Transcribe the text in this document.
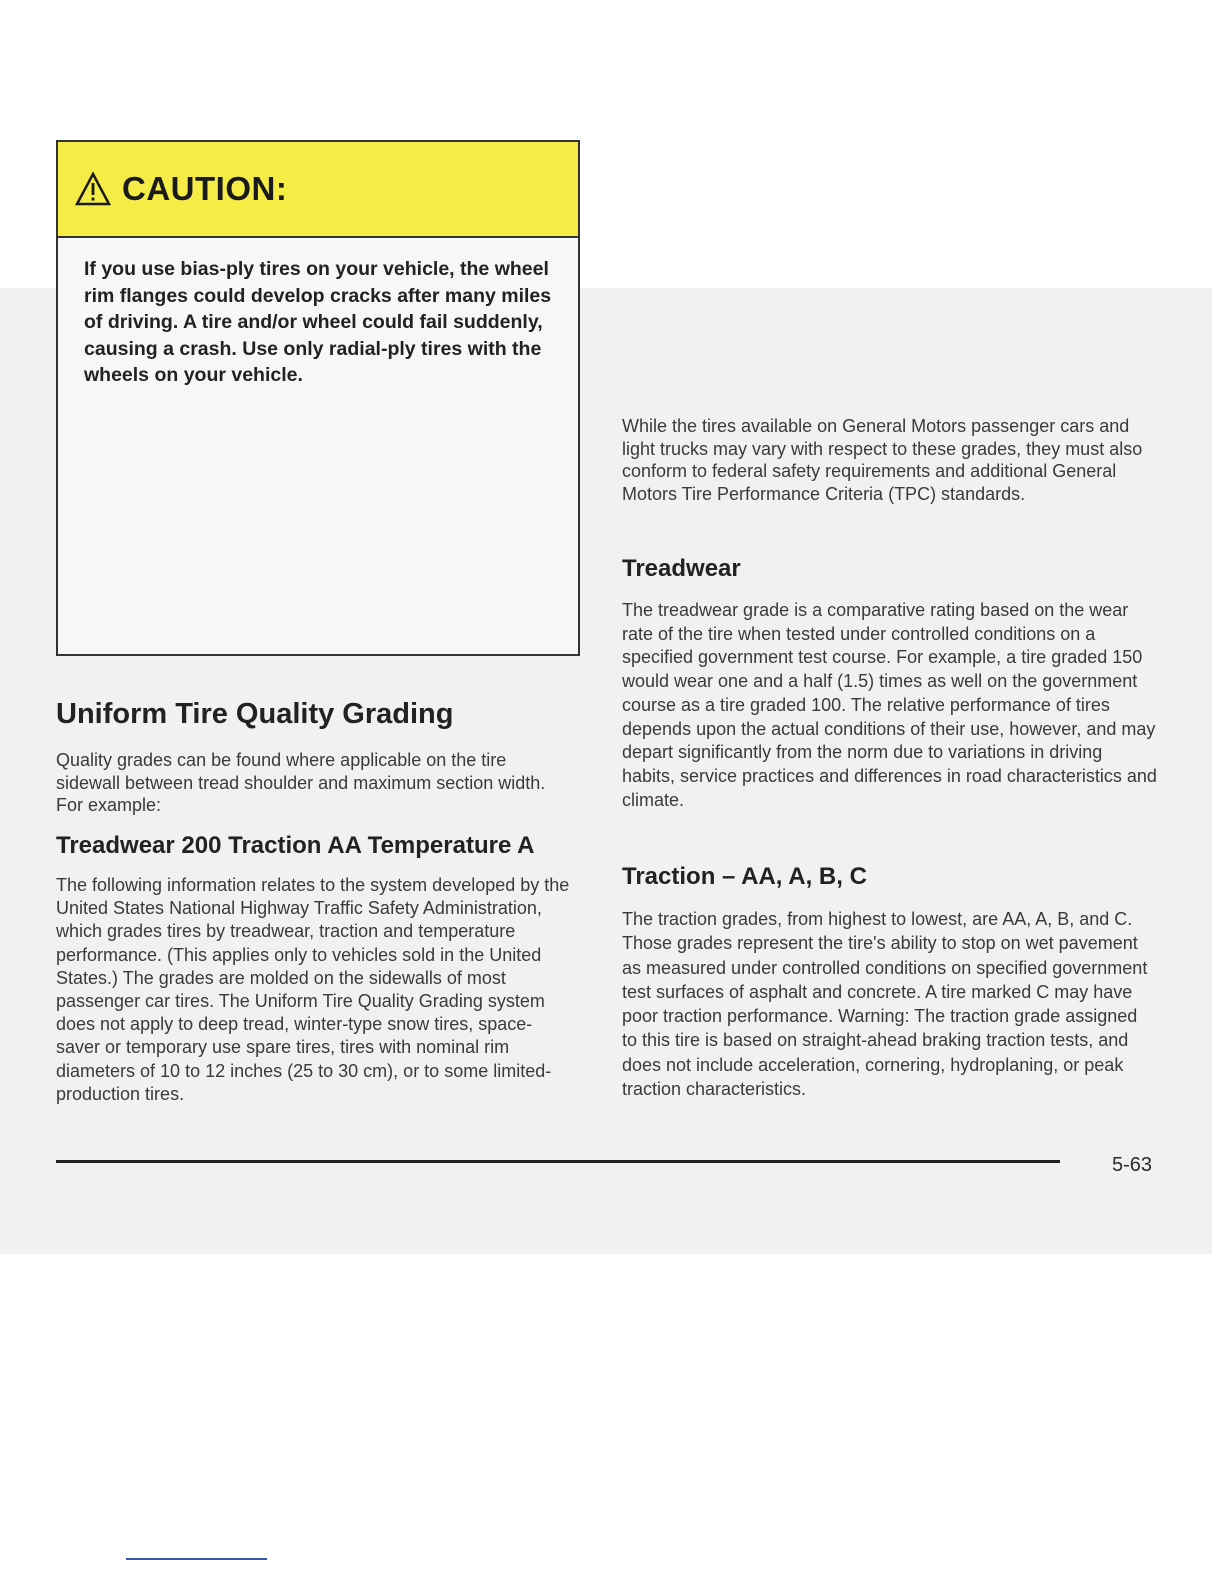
CAUTION:
If you use bias-ply tires on your vehicle, the wheel rim flanges could develop cracks after many miles of driving. A tire and/or wheel could fail suddenly, causing a crash. Use only radial-ply tires with the wheels on your vehicle.
Uniform Tire Quality Grading

Quality grades can be found where applicable on the tire sidewall between tread shoulder and maximum section width. For example:

Treadwear 200 Traction AA Temperature A

The following information relates to the system developed by the United States National Highway Traffic Safety Administration, which grades tires by treadwear, traction and temperature performance. (This applies only to vehicles sold in the United States.) The grades are molded on the sidewalls of most passenger car tires. The Uniform Tire Quality Grading system does not apply to deep tread, winter-type snow tires, space-saver or temporary use spare tires, tires with nominal rim diameters of 10 to 12 inches (25 to 30 cm), or to some limited-production tires.

While the tires available on General Motors passenger cars and light trucks may vary with respect to these grades, they must also conform to federal safety requirements and additional General Motors Tire Performance Criteria (TPC) standards.

Treadwear

The treadwear grade is a comparative rating based on the wear rate of the tire when tested under controlled conditions on a specified government test course. For example, a tire graded 150 would wear one and a half (1.5) times as well on the government course as a tire graded 100. The relative performance of tires depends upon the actual conditions of their use, however, and may depart significantly from the norm due to variations in driving habits, service practices and differences in road characteristics and climate.

Traction – AA, A, B, C

The traction grades, from highest to lowest, are AA, A, B, and C. Those grades represent the tire's ability to stop on wet pavement as measured under controlled conditions on specified government test surfaces of asphalt and concrete. A tire marked C may have poor traction performance. Warning: The traction grade assigned to this tire is based on straight-ahead braking traction tests, and does not include acceleration, cornering, hydroplaning, or peak traction characteristics.

5-63
